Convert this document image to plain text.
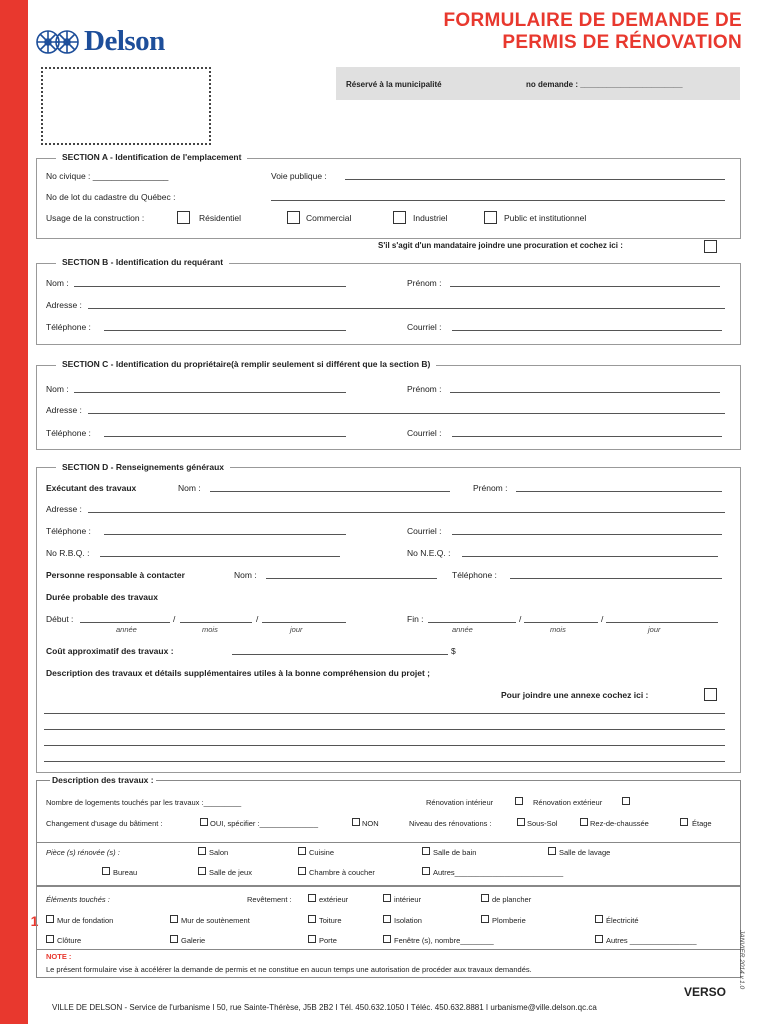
1
Delson
FORMULAIRE DE DEMANDE DE
PERMIS DE RÉNOVATION
Réservé à la municipalité	no demande : _______________________
SECTION A - Identification de l'emplacement
No civique : ________________	Voie publique :
No de lot du cadastre du Québec :
Usage de la construction :	Résidentiel	Commercial	Industriel	Public et institutionnel
S'il s'agit d'un mandataire joindre une procuration et cochez ici :
SECTION B - Identification du requérant
Nom :	Prénom :
Adresse :
Téléphone :	Courriel :
SECTION C - Identification du propriétaire(à remplir seulement si différent que la section B)
Nom :	Prénom :
Adresse :
Téléphone :	Courriel :
SECTION D - Renseignements généraux
Exécutant des travaux	Nom :	Prénom :
Adresse :
Téléphone :	Courriel :
No R.B.Q. :	No N.E.Q. :
Personne responsable à contacter	Nom :	Téléphone :
Durée probable des travaux
Début :	/	/
année	mois	jour
Fin :	/	/
année	mois	jour
Coût approximatif des travaux :	$
Description des travaux et détails supplémentaires utiles à la bonne compréhension du projet ;
Pour joindre une annexe cochez ici :
Description des travaux :
Nombre de logements touchés par les travaux :_________	Rénovation intérieur	Rénovation extérieur
Changement d'usage du bâtiment :	OUI, spécifier :______________	NON	Niveau des rénovations :	Sous-Sol	Rez-de-chaussée	Étage
Pièce (s) rénovée (s) :	Salon	Cuisine	Salle de bain	Salle de lavage
Bureau	Salle de jeux	Chambre à coucher	Autres__________________________
Éléments touchés :	Revêtement :	extérieur	intérieur	de plancher
Mur de fondation	Mur de soutènement	Toiture	Isolation	Plomberie	Électricité
Clôture	Galerie	Porte	Fenêtre (s), nombre________	Autres ________________
NOTE :
Le présent formulaire vise à accélérer la demande de permis et ne constitue en aucun temps une autorisation de procéder aux travaux demandés.	JANVIER 2014 v.1.0
VERSO
VILLE DE DELSON - Service de l'urbanisme I 50, rue Sainte-Thérèse, J5B 2B2 I Tél. 450.632.1050 I Téléc. 450.632.8881 I urbanisme@ville.delson.qc.ca
